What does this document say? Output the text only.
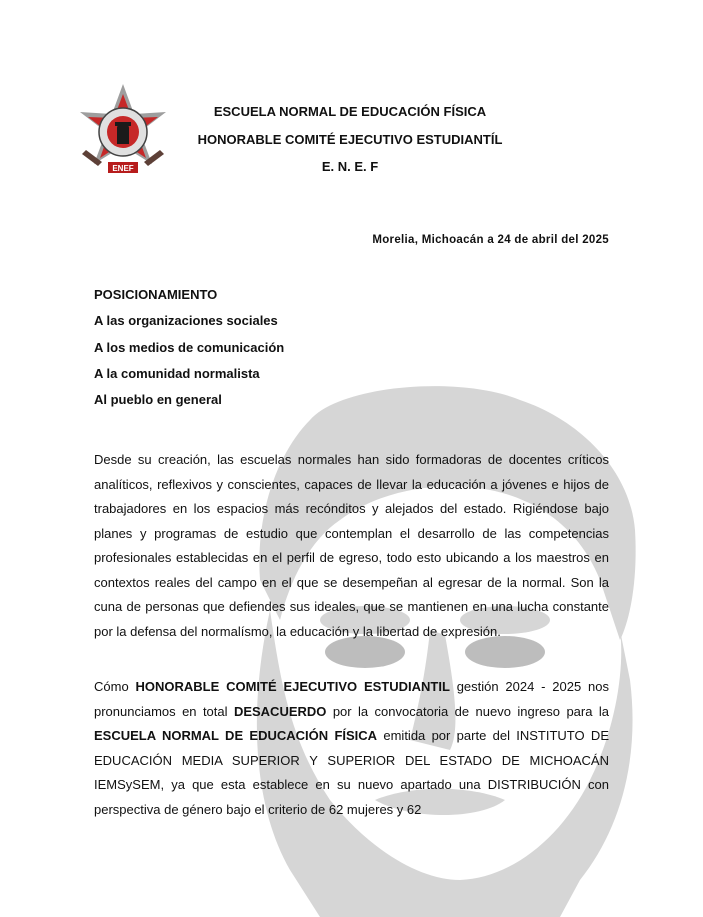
ENEF
ESCUELA NORMAL DE EDUCACIÓN FÍSICA
HONORABLE COMITÉ EJECUTIVO ESTUDIANTÍL
E. N. E. F
Morelia, Michoacán a 24 de abril del 2025
POSICIONAMIENTO
A las organizaciones sociales
A los medios de comunicación
A la comunidad normalista
Al pueblo en general
Desde su creación, las escuelas normales han sido formadoras de docentes críticos analíticos, reflexivos y conscientes, capaces de llevar la educación a jóvenes e hijos de trabajadores en los espacios más recónditos y alejados del estado. Rigiéndose bajo planes y programas de estudio que contemplan el desarrollo de las competencias profesionales establecidas en el perfil de egreso, todo esto ubicando a los maestros en contextos reales del campo en el que se desempeñan al egresar de la normal. Son la cuna de personas que defiendes sus ideales, que se mantienen en una lucha constante por la defensa del normalísmo, la educación y la libertad de expresión.
Cómo HONORABLE COMITÉ EJECUTIVO ESTUDIANTIL gestión 2024 - 2025 nos pronunciamos en total DESACUERDO por la convocatoria de nuevo ingreso para la ESCUELA NORMAL DE EDUCACIÓN FÍSICA emitida por parte del INSTITUTO DE EDUCACIÓN MEDIA SUPERIOR Y SUPERIOR DEL ESTADO DE MICHOACÁN IEMSySEM, ya que esta establece en su nuevo apartado una DISTRIBUCIÓN con perspectiva de género bajo el criterio de 62 mujeres y 62
